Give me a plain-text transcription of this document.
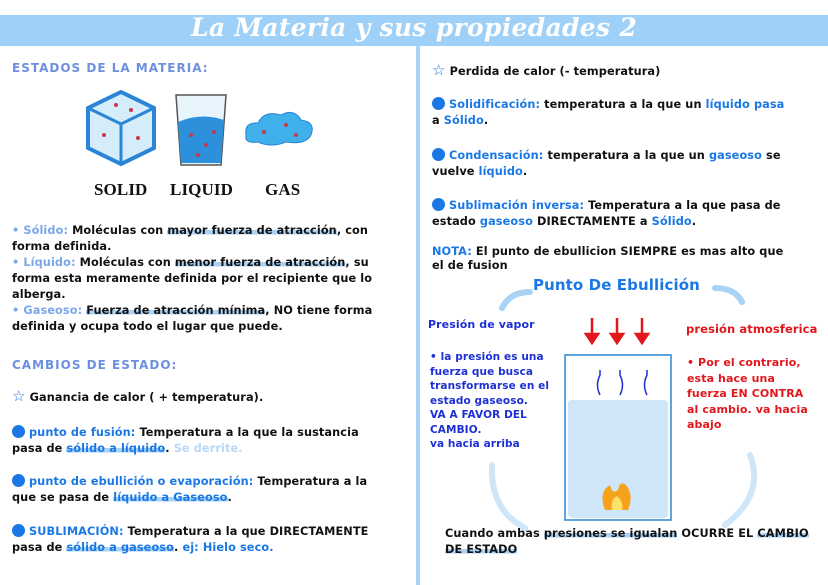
La Materia y sus propiedades 2
ESTADOS DE LA MATERIA:
SOLID LIQUID GAS
• Sólido: Moléculas con mayor fuerza de atracción, con
forma definida.
• Líquido: Moléculas con menor fuerza de atracción, su
forma esta meramente definida por el recipiente que lo
alberga.
• Gaseoso: Fuerza de atracción mínima, NO tiene forma
definida y ocupa todo el lugar que puede.
CAMBIOS DE ESTADO:
☆ Ganancia de calor ( + temperatura).
punto de fusión: Temperatura a la que la sustancia
pasa de sólido a líquido. Se derrite.
punto de ebullición o evaporación: Temperatura a la
que se pasa de líquido a Gaseoso.
SUBLIMACIÓN: Temperatura a la que DIRECTAMENTE
pasa de sólido a gaseoso. ej: Hielo seco.
☆ Perdida de calor (- temperatura)
Solidificación: temperatura a la que un líquido pasa
a Sólido.
Condensación: temperatura a la que un gaseoso se
vuelve líquido.
Sublimación inversa: Temperatura a la que pasa de
estado gaseoso DIRECTAMENTE a Sólido.
NOTA: El punto de ebullicion SIEMPRE es mas alto que
el de fusion
Punto De Ebullición
Presión de vapor
• la presión es una
fuerza que busca
transformarse en el
estado gaseoso.
VA A FAVOR DEL
CAMBIO.
va hacia arriba
presión atmosferica
• Por el contrario,
esta hace una
fuerza EN CONTRA
al cambio. va hacia
abajo
Cuando ambas presiones se igualan OCURRE EL CAMBIO
DE ESTADO
